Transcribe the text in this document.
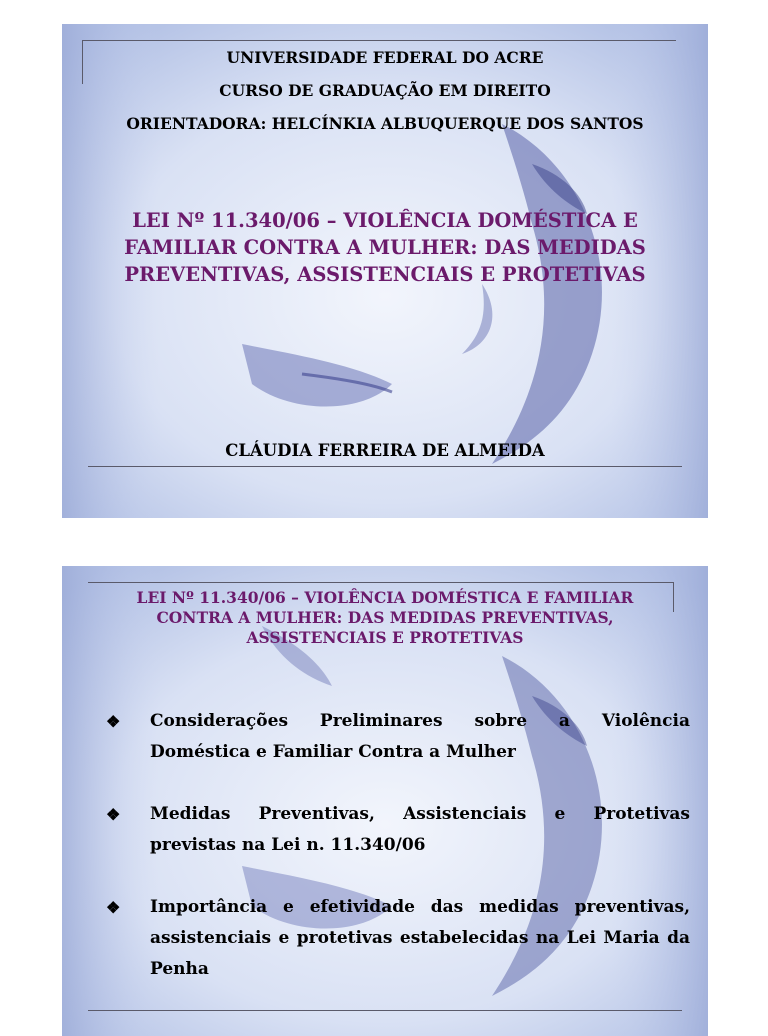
UNIVERSIDADE FEDERAL DO ACRE
CURSO DE GRADUAÇÃO EM DIREITO
ORIENTADORA: HELCÍNKIA ALBUQUERQUE DOS SANTOS
LEI Nº 11.340/06 – VIOLÊNCIA DOMÉSTICA E
FAMILIAR CONTRA A MULHER: DAS MEDIDAS
PREVENTIVAS, ASSISTENCIAIS E PROTETIVAS
CLÁUDIA FERREIRA DE ALMEIDA
LEI Nº 11.340/06 – VIOLÊNCIA DOMÉSTICA E FAMILIAR
CONTRA A MULHER: DAS MEDIDAS PREVENTIVAS,
ASSISTENCIAIS E PROTETIVAS
❖ Considerações Preliminares sobre a Violência Doméstica e Familiar Contra a Mulher
❖ Medidas Preventivas, Assistenciais e Protetivas previstas na Lei n. 11.340/06
❖ Importância e efetividade das medidas preventivas, assistenciais e protetivas estabelecidas na Lei Maria da Penha
